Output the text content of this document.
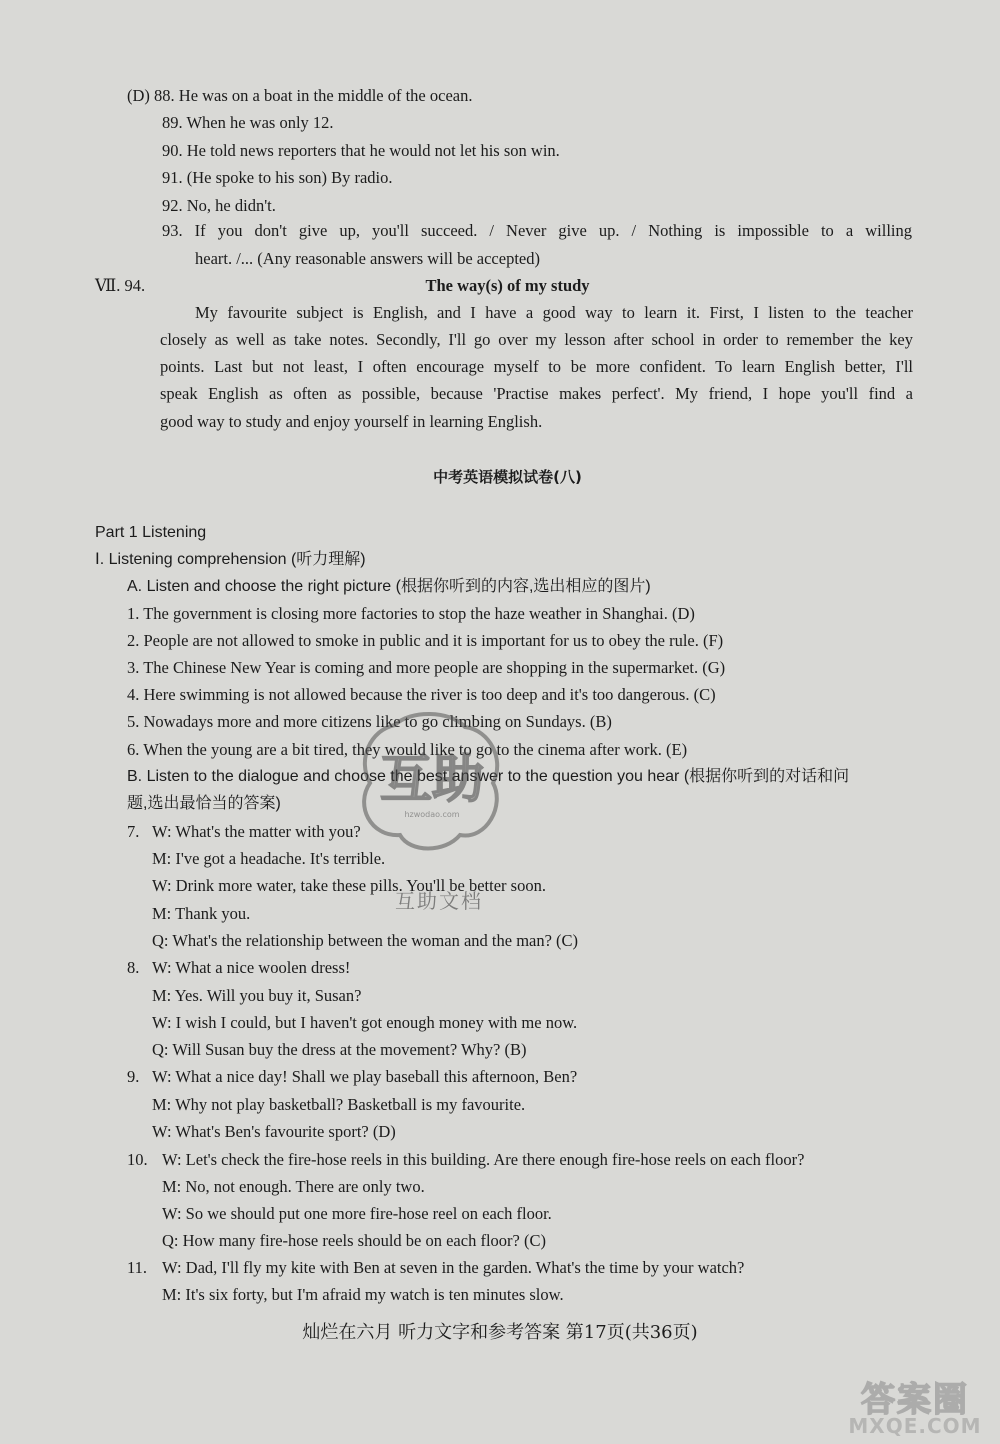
(D) 88. He was on a boat in the middle of the ocean.
89. When he was only 12.
90. He told news reporters that he would not let his son win.
91. (He spoke to his son) By radio.
92. No, he didn't.
93. If you don't give up, you'll succeed. / Never give up. / Nothing is impossible to a willing
heart. /... (Any reasonable answers will be accepted)
Ⅶ. 94.	The way(s) of my study
My favourite subject is English, and I have a good way to learn it. First, I listen to the teacher
closely as well as take notes. Secondly, I'll go over my lesson after school in order to remember the key
points. Last but not least, I often encourage myself to be more confident. To learn English better, I'll
speak English as often as possible, because 'Practise makes perfect'. My friend, I hope you'll find a
good way to study and enjoy yourself in learning English.
中考英语模拟试卷(八)
Part 1 Listening
Ⅰ. Listening comprehension (听力理解)
A. Listen and choose the right picture (根据你听到的内容,选出相应的图片)
1. The government is closing more factories to stop the haze weather in Shanghai. (D)
2. People are not allowed to smoke in public and it is important for us to obey the rule. (F)
3. The Chinese New Year is coming and more people are shopping in the supermarket. (G)
4. Here swimming is not allowed because the river is too deep and it's too dangerous. (C)
5. Nowadays more and more citizens like to go climbing on Sundays. (B)
6. When the young are a bit tired, they would like to go to the cinema after work. (E)
B. Listen to the dialogue and choose the best answer to the question you hear (根据你听到的对话和问
题,选出最恰当的答案)
7. W: What's the matter with you?
M: I've got a headache. It's terrible.
W: Drink more water, take these pills. You'll be better soon.
M: Thank you.
Q: What's the relationship between the woman and the man? (C)
8. W: What a nice woolen dress!
M: Yes. Will you buy it, Susan?
W: I wish I could, but I haven't got enough money with me now.
Q: Will Susan buy the dress at the movement? Why? (B)
9. W: What a nice day! Shall we play baseball this afternoon, Ben?
M: Why not play basketball? Basketball is my favourite.
W: What's Ben's favourite sport? (D)
10. W: Let's check the fire-hose reels in this building. Are there enough fire-hose reels on each floor?
M: No, not enough. There are only two.
W: So we should put one more fire-hose reel on each floor.
Q: How many fire-hose reels should be on each floor? (C)
11. W: Dad, I'll fly my kite with Ben at seven in the garden. What's the time by your watch?
M: It's six forty, but I'm afraid my watch is ten minutes slow.
灿烂在六月 听力文字和参考答案 第17页(共36页)
互助
hzwodao.com
互助文档
答案圈
MXQE.COM
